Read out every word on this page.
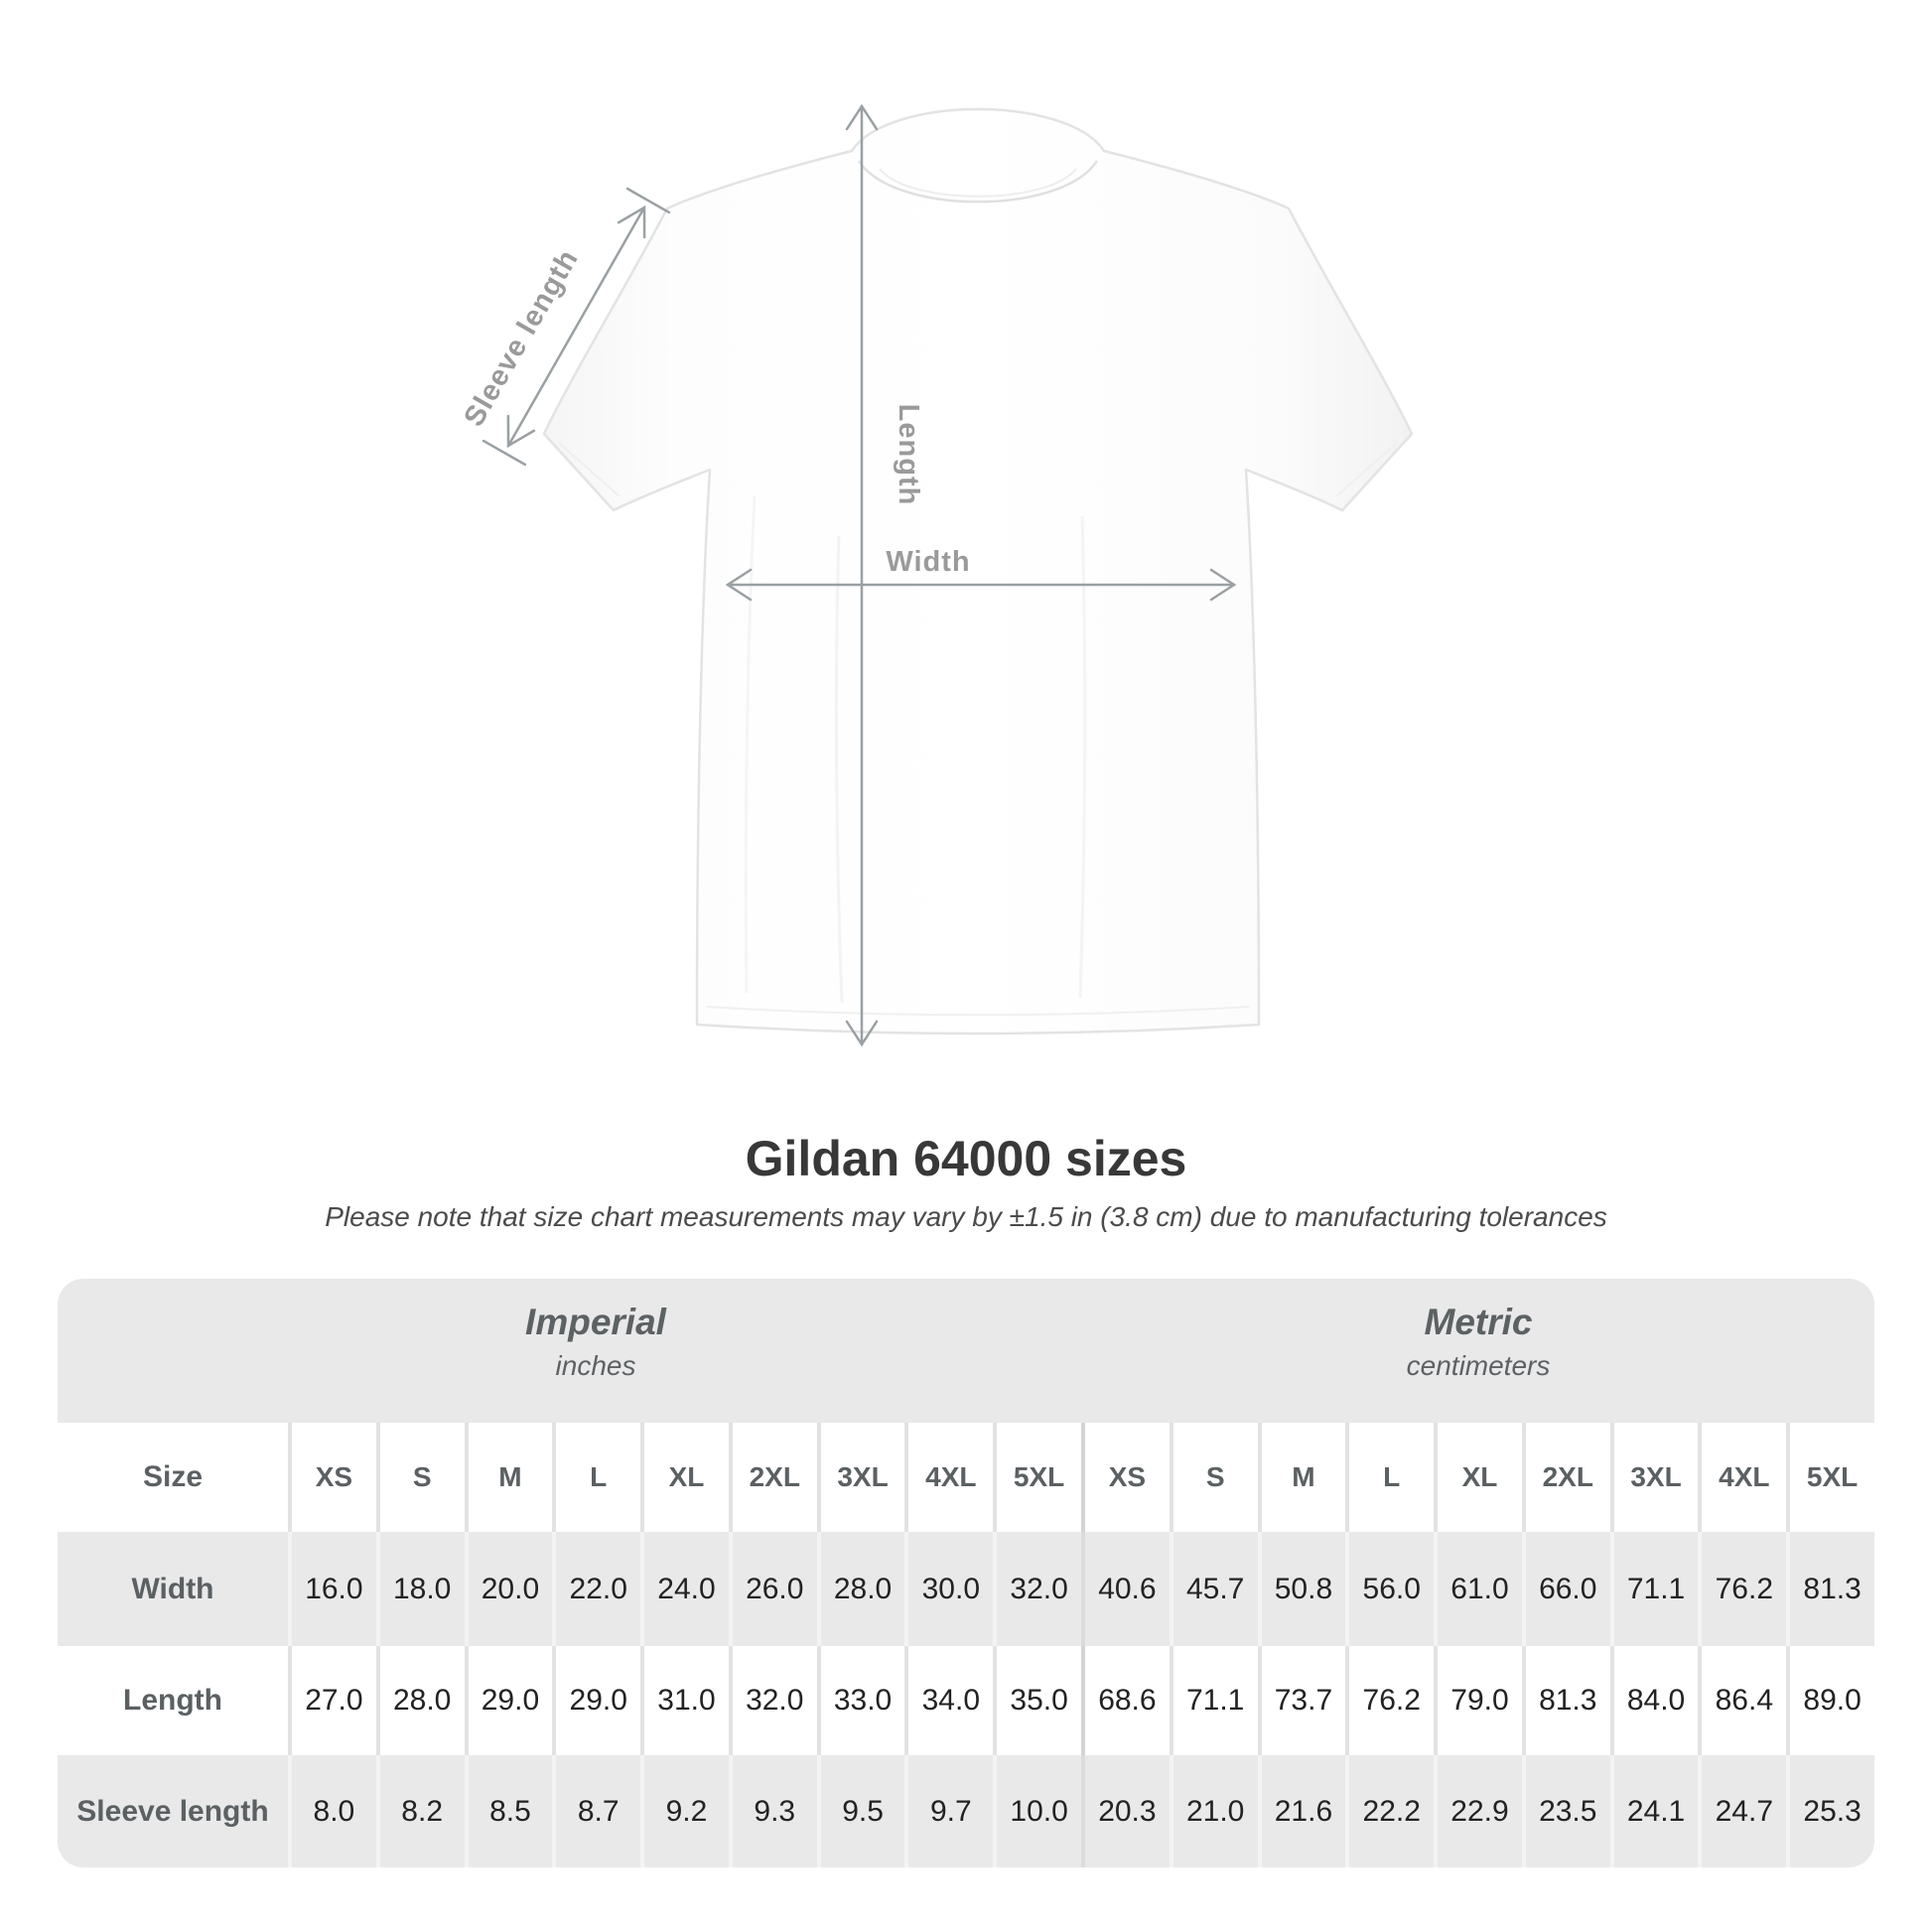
Sleeve length
Length
Width
Gildan 64000 sizes

Please note that size chart measurements may vary by ±1.5 in (3.8 cm) due to manufacturing tolerances

Imperial
inches
Metric
centimeters
Size	XS	S	M	L	XL	2XL	3XL	4XL	5XL	XS	S	M	L	XL	2XL	3XL	4XL	5XL
Width	16.0	18.0	20.0	22.0	24.0	26.0	28.0	30.0	32.0	40.6	45.7	50.8	56.0	61.0	66.0	71.1	76.2	81.3
Length	27.0	28.0	29.0	29.0	31.0	32.0	33.0	34.0	35.0	68.6	71.1	73.7	76.2	79.0	81.3	84.0	86.4	89.0
Sleeve length	8.0	8.2	8.5	8.7	9.2	9.3	9.5	9.7	10.0	20.3	21.0	21.6	22.2	22.9	23.5	24.1	24.7	25.3
